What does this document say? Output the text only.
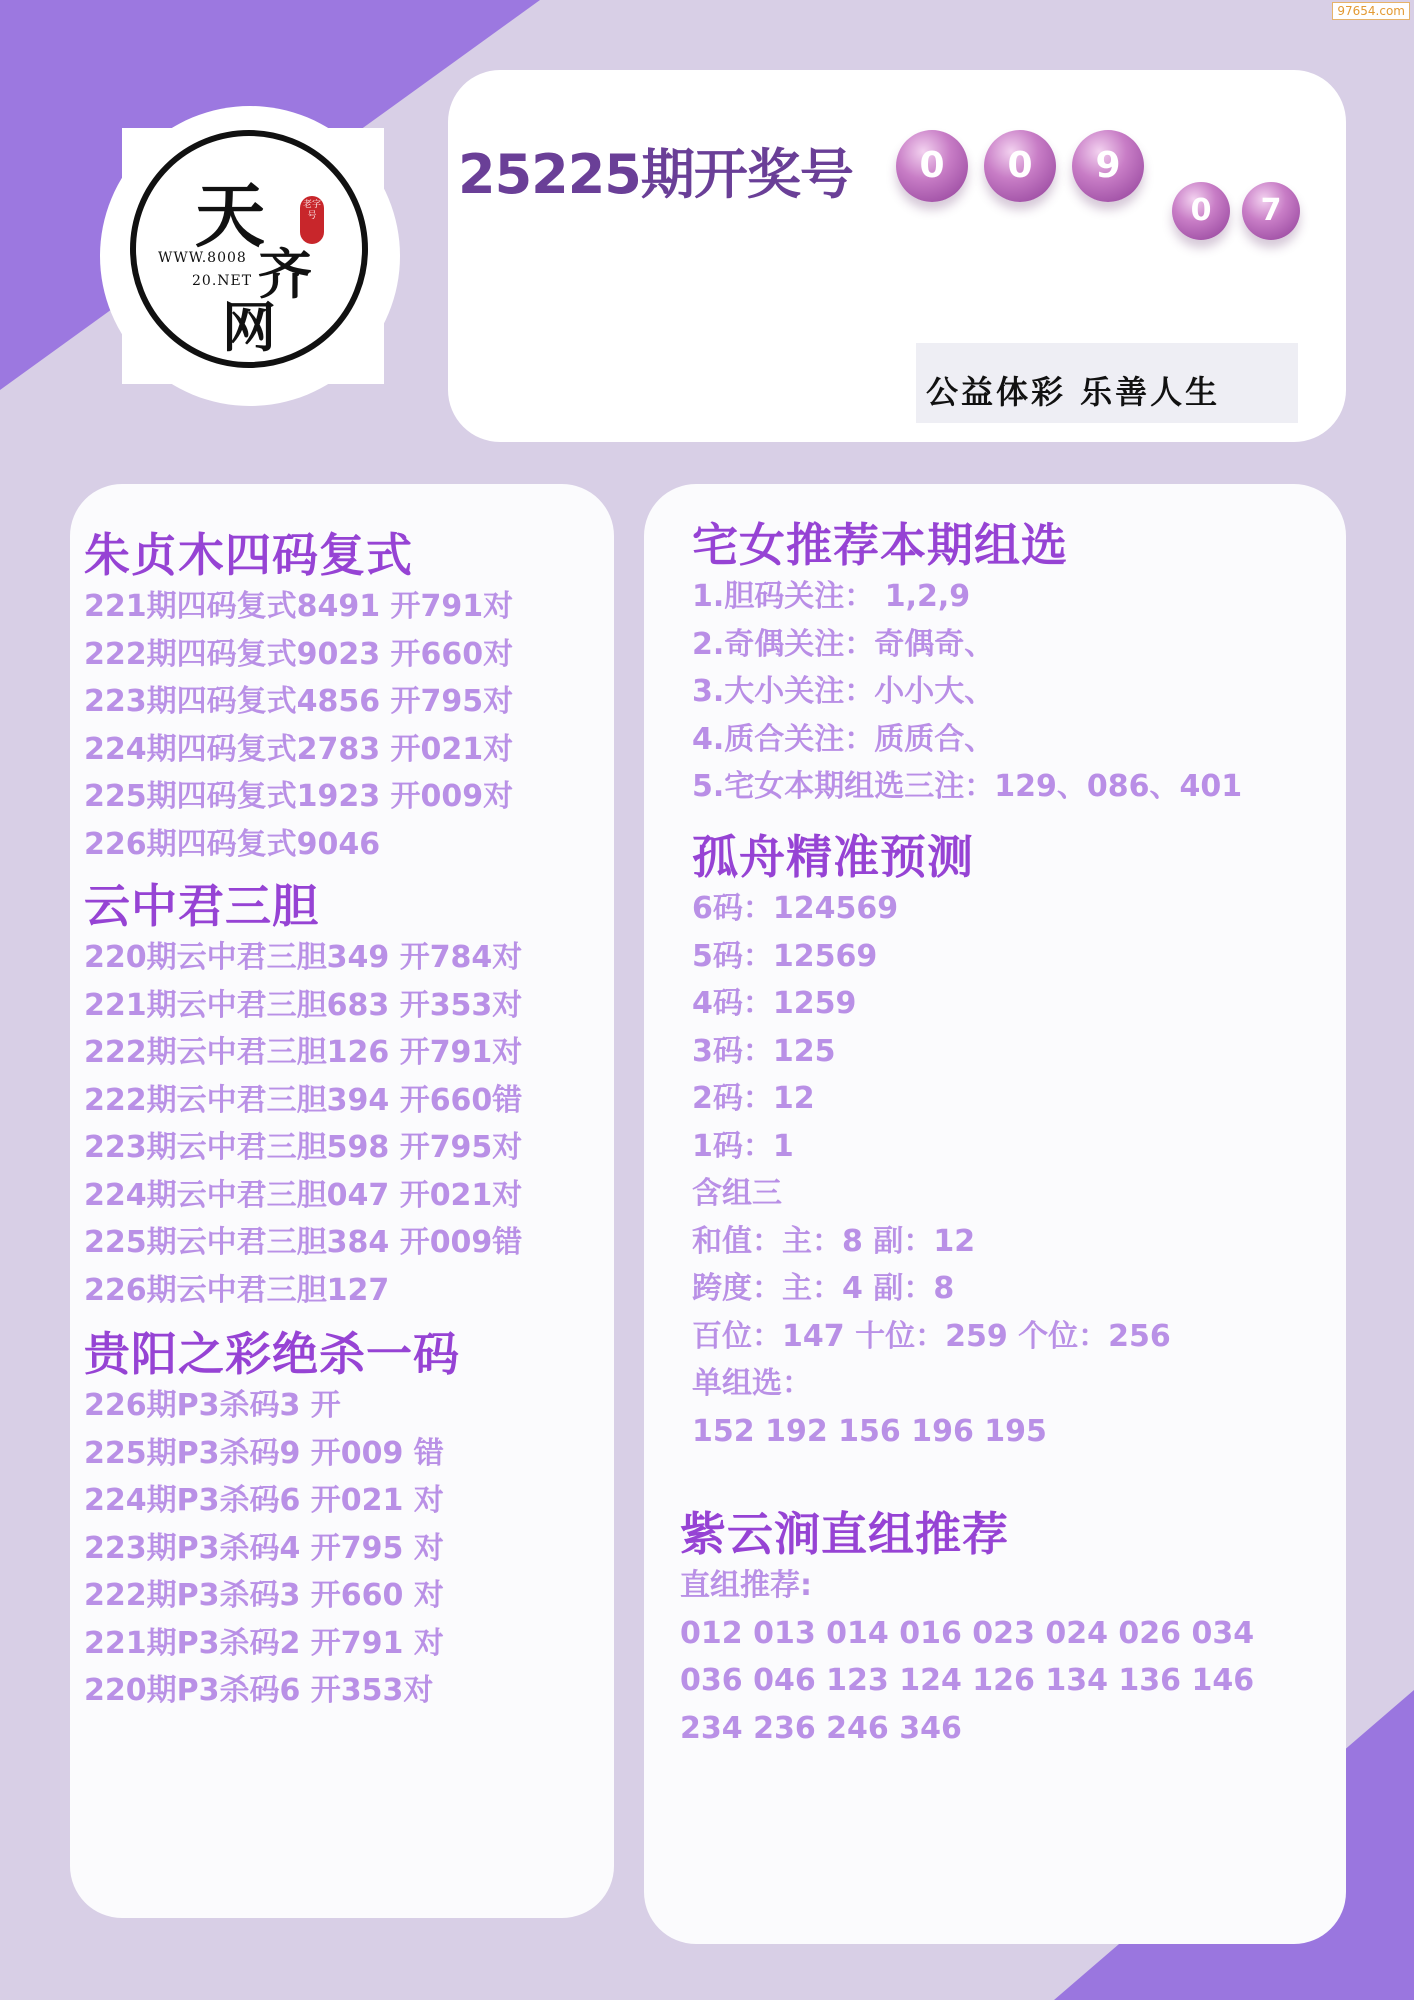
97654.com
天
齐
网
WWW.8008
20.NET
老字号
25225期开奖号	0	0	9
0	7
公益体彩 乐善人生
朱贞木四码复式

221期四码复式8491 开791对

222期四码复式9023 开660对

223期四码复式4856 开795对

224期四码复式2783 开021对

225期四码复式1923 开009对

226期四码复式9046

云中君三胆

220期云中君三胆349 开784对

221期云中君三胆683 开353对

222期云中君三胆126 开791对

222期云中君三胆394 开660错

223期云中君三胆598 开795对

224期云中君三胆047 开021对

225期云中君三胆384 开009错

226期云中君三胆127

贵阳之彩绝杀一码

226期P3杀码3 开

225期P3杀码9 开009 错

224期P3杀码6 开021 对

223期P3杀码4 开795 对

222期P3杀码3 开660 对

221期P3杀码2 开791 对

220期P3杀码6 开353对

宅女推荐本期组选

1.胆码关注： 1,2,9

2.奇偶关注：奇偶奇、

3.大小关注：小小大、

4.质合关注：质质合、

5.宅女本期组选三注：129、086、401

孤舟精准预测

6码：124569

5码：12569

4码：1259

3码：125

2码：12

1码：1

含组三

和值：主：8 副：12

跨度：主：4 副：8

百位：147 十位：259 个位：256

单组选：

152 192 156 196 195

紫云涧直组推荐

直组推荐:

012 013 014 016 023 024 026 034

036 046 123 124 126 134 136 146

234 236 246 346
